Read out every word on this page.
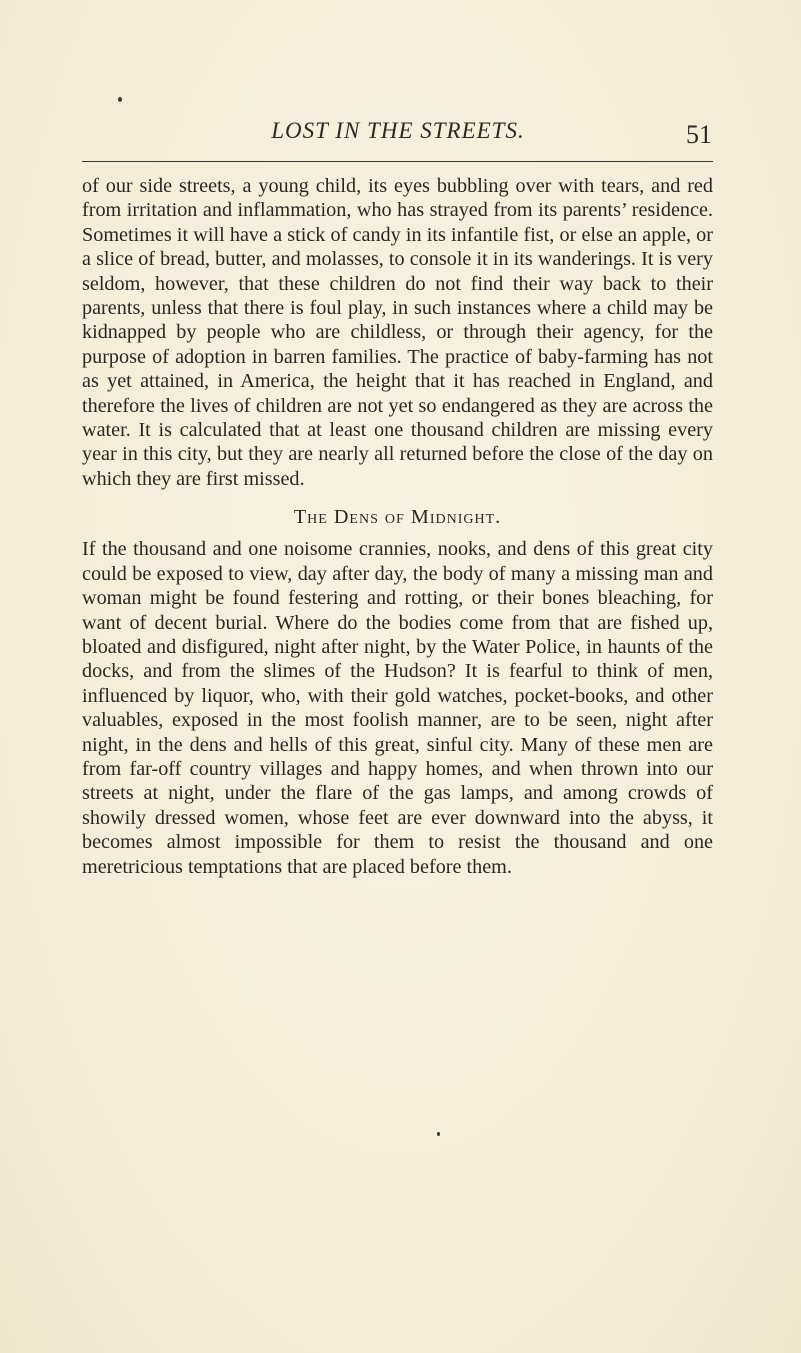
LOST IN THE STREETS.	51

of our side streets, a young child, its eyes bubbling over with tears, and red from irritation and inflammation, who has strayed from its parents’ residence. Sometimes it will have a stick of candy in its infantile fist, or else an apple, or a slice of bread, butter, and molasses, to console it in its wanderings. It is very seldom, however, that these children do not find their way back to their parents, unless that there is foul play, in such instances where a child may be kidnapped by people who are childless, or through their agency, for the purpose of adoption in barren families. The practice of baby-farming has not as yet attained, in America, the height that it has reached in England, and therefore the lives of children are not yet so endangered as they are across the water. It is calculated that at least one thousand children are missing every year in this city, but they are nearly all returned before the close of the day on which they are first missed.

The Dens of Midnight.

If the thousand and one noisome crannies, nooks, and dens of this great city could be exposed to view, day after day, the body of many a missing man and woman might be found festering and rotting, or their bones bleaching, for want of decent burial. Where do the bodies come from that are fished up, bloated and disfigured, night after night, by the Water Police, in haunts of the docks, and from the slimes of the Hudson? It is fearful to think of men, influenced by liquor, who, with their gold watches, pocket-books, and other valuables, exposed in the most foolish manner, are to be seen, night after night, in the dens and hells of this great, sinful city. Many of these men are from far-off country villages and happy homes, and when thrown into our streets at night, under the flare of the gas lamps, and among crowds of showily dressed women, whose feet are ever downward into the abyss, it becomes almost impossible for them to resist the thousand and one meretricious temptations that are placed before them.
